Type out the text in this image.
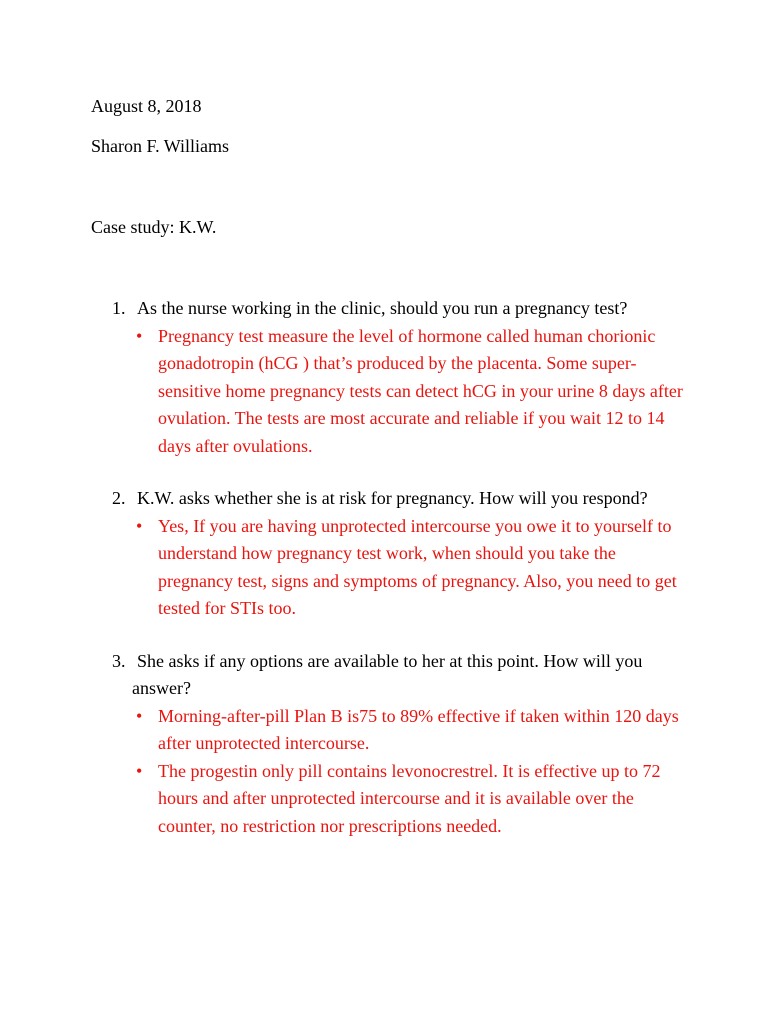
August 8, 2018

Sharon F. Williams

Case study: K.W.

1. As the nurse working in the clinic, should you run a pregnancy test?
• Pregnancy test measure the level of hormone called human chorionic gonadotropin (hCG ) that’s produced by the placenta. Some super-sensitive home pregnancy tests can detect hCG in your urine 8 days after ovulation. The tests are most accurate and reliable if you wait 12 to 14 days after ovulations.
2. K.W. asks whether she is at risk for pregnancy. How will you respond?
• Yes, If you are having unprotected intercourse you owe it to yourself to understand how pregnancy test work, when should you take the pregnancy test, signs and symptoms of pregnancy. Also, you need to get tested for STIs too.
3. She asks if any options are available to her at this point. How will you answer?
• Morning-after-pill Plan B is75 to 89% effective if taken within 120 days after unprotected intercourse.
• The progestin only pill contains levonocrestrel. It is effective up to 72 hours and after unprotected intercourse and it is available over the counter, no restriction nor prescriptions needed.
